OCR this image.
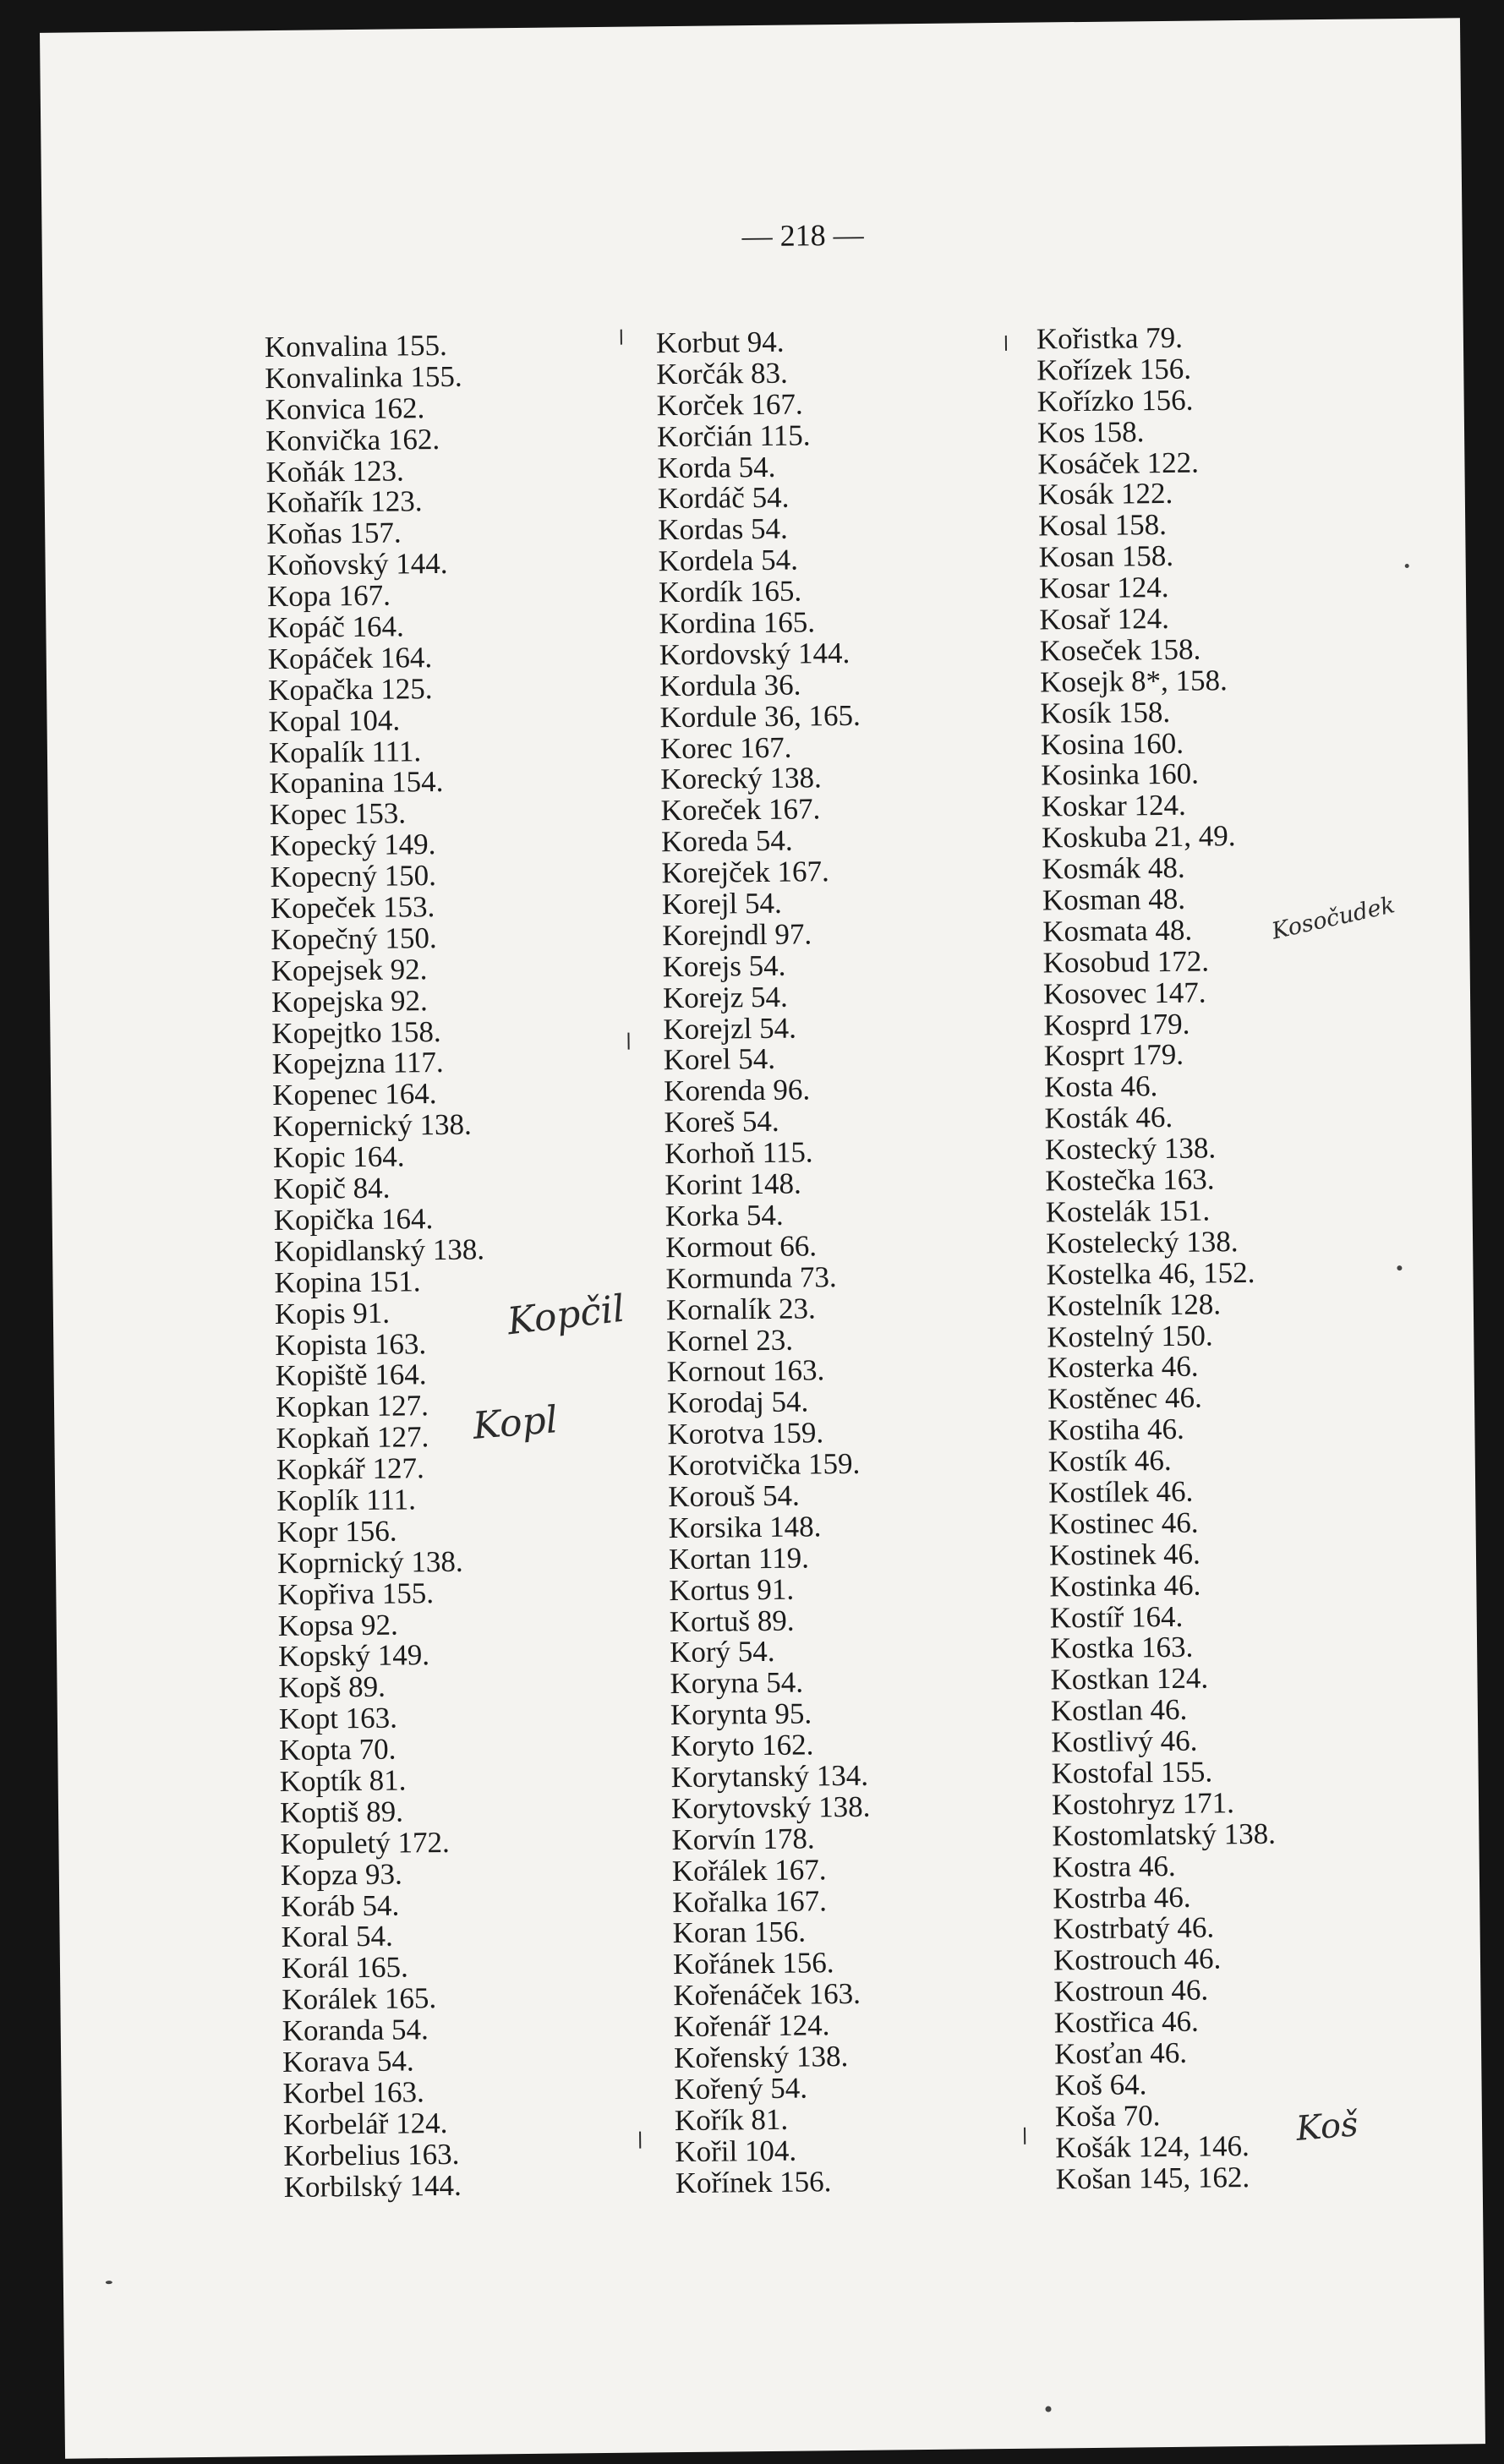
— 218 —
Konvalina 155.
Konvalinka 155.
Konvica 162.
Konvička 162.
Koňák 123.
Koňařík 123.
Koňas 157.
Koňovský 144.
Kopa 167.
Kopáč 164.
Kopáček 164.
Kopačka 125.
Kopal 104.
Kopalík 111.
Kopanina 154.
Kopec 153.
Kopecký 149.
Kopecný 150.
Kopeček 153.
Kopečný 150.
Kopejsek 92.
Kopejska 92.
Kopejtko 158.
Kopejzna 117.
Kopenec 164.
Kopernický 138.
Kopic 164.
Kopič 84.
Kopička 164.
Kopidlanský 138.
Kopina 151.
Kopis 91.
Kopista 163.
Kopiště 164.
Kopkan 127.
Kopkaň 127.
Kopkář 127.
Koplík 111.
Kopr 156.
Koprnický 138.
Kopřiva 155.
Kopsa 92.
Kopský 149.
Kopš 89.
Kopt 163.
Kopta 70.
Koptík 81.
Koptiš 89.
Kopuletý 172.
Kopza 93.
Koráb 54.
Koral 54.
Korál 165.
Korálek 165.
Koranda 54.
Korava 54.
Korbel 163.
Korbelář 124.
Korbelius 163.
Korbilský 144.
Korbut 94.
Korčák 83.
Korček 167.
Korčián 115.
Korda 54.
Kordáč 54.
Kordas 54.
Kordela 54.
Kordík 165.
Kordina 165.
Kordovský 144.
Kordula 36.
Kordule 36, 165.
Korec 167.
Korecký 138.
Koreček 167.
Koreda 54.
Korejček 167.
Korejl 54.
Korejndl 97.
Korejs 54.
Korejz 54.
Korejzl 54.
Korel 54.
Korenda 96.
Koreš 54.
Korhoň 115.
Korint 148.
Korka 54.
Kormout 66.
Kormunda 73.
Kornalík 23.
Kornel 23.
Kornout 163.
Korodaj 54.
Korotva 159.
Korotvička 159.
Korouš 54.
Korsika 148.
Kortan 119.
Kortus 91.
Kortuš 89.
Korý 54.
Koryna 54.
Korynta 95.
Koryto 162.
Korytanský 134.
Korytovský 138.
Korvín 178.
Kořálek 167.
Kořalka 167.
Koran 156.
Kořánek 156.
Kořenáček 163.
Kořenář 124.
Kořenský 138.
Kořený 54.
Kořík 81.
Kořil 104.
Kořínek 156.
Kořistka 79.
Kořízek 156.
Kořízko 156.
Kos 158.
Kosáček 122.
Kosák 122.
Kosal 158.
Kosan 158.
Kosar 124.
Kosař 124.
Koseček 158.
Kosejk 8*, 158.
Kosík 158.
Kosina 160.
Kosinka 160.
Koskar 124.
Koskuba 21, 49.
Kosmák 48.
Kosman 48.
Kosmata 48.
Kosobud 172.
Kosovec 147.
Kosprd 179.
Kosprt 179.
Kosta 46.
Kosták 46.
Kostecký 138.
Kostečka 163.
Kostelák 151.
Kostelecký 138.
Kostelka 46, 152.
Kostelník 128.
Kostelný 150.
Kosterka 46.
Kostěnec 46.
Kostiha 46.
Kostík 46.
Kostílek 46.
Kostinec 46.
Kostinek 46.
Kostinka 46.
Kostíř 164.
Kostka 163.
Kostkan 124.
Kostlan 46.
Kostlivý 46.
Kostofal 155.
Kostohryz 171.
Kostomlatský 138.
Kostra 46.
Kostrba 46.
Kostrbatý 46.
Kostrouch 46.
Kostroun 46.
Kostřica 46.
Kosťan 46.
Koš 64.
Koša 70.
Košák 124, 146.
Košan 145, 162.
Kopčil
Kopl
Kosočudek
Koš
